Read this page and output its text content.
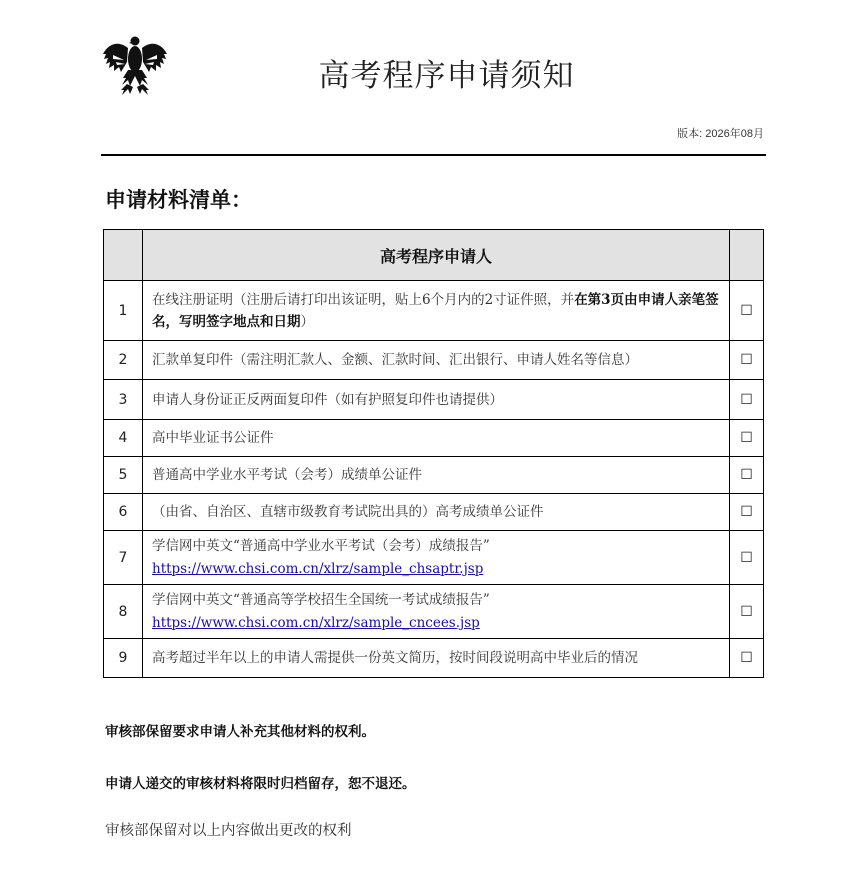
高考程序申请须知
版本: 2026年08月
申请材料清单：
	高考程序申请人	
1	在线注册证明（注册后请打印出该证明，贴上6个月内的2寸证件照，并在第3页由申请人亲笔签名，写明签字地点和日期）	☐
2	汇款单复印件（需注明汇款人、金额、汇款时间、汇出银行、申请人姓名等信息）	☐
3	申请人身份证正反两面复印件（如有护照复印件也请提供）	☐
4	高中毕业证书公证件	☐
5	普通高中学业水平考试（会考）成绩单公证件	☐
6	（由省、自治区、直辖市级教育考试院出具的）高考成绩单公证件	☐
7	学信网中英文“普通高中学业水平考试（会考）成绩报告”
https://www.chsi.com.cn/xlrz/sample_chsaptr.jsp	☐
8	学信网中英文“普通高等学校招生全国统一考试成绩报告”
https://www.chsi.com.cn/xlrz/sample_cncees.jsp	☐
9	高考超过半年以上的申请人需提供一份英文简历，按时间段说明高中毕业后的情况	☐
审核部保留要求申请人补充其他材料的权利。
申请人递交的审核材料将限时归档留存，恕不退还。
审核部保留对以上内容做出更改的权利
